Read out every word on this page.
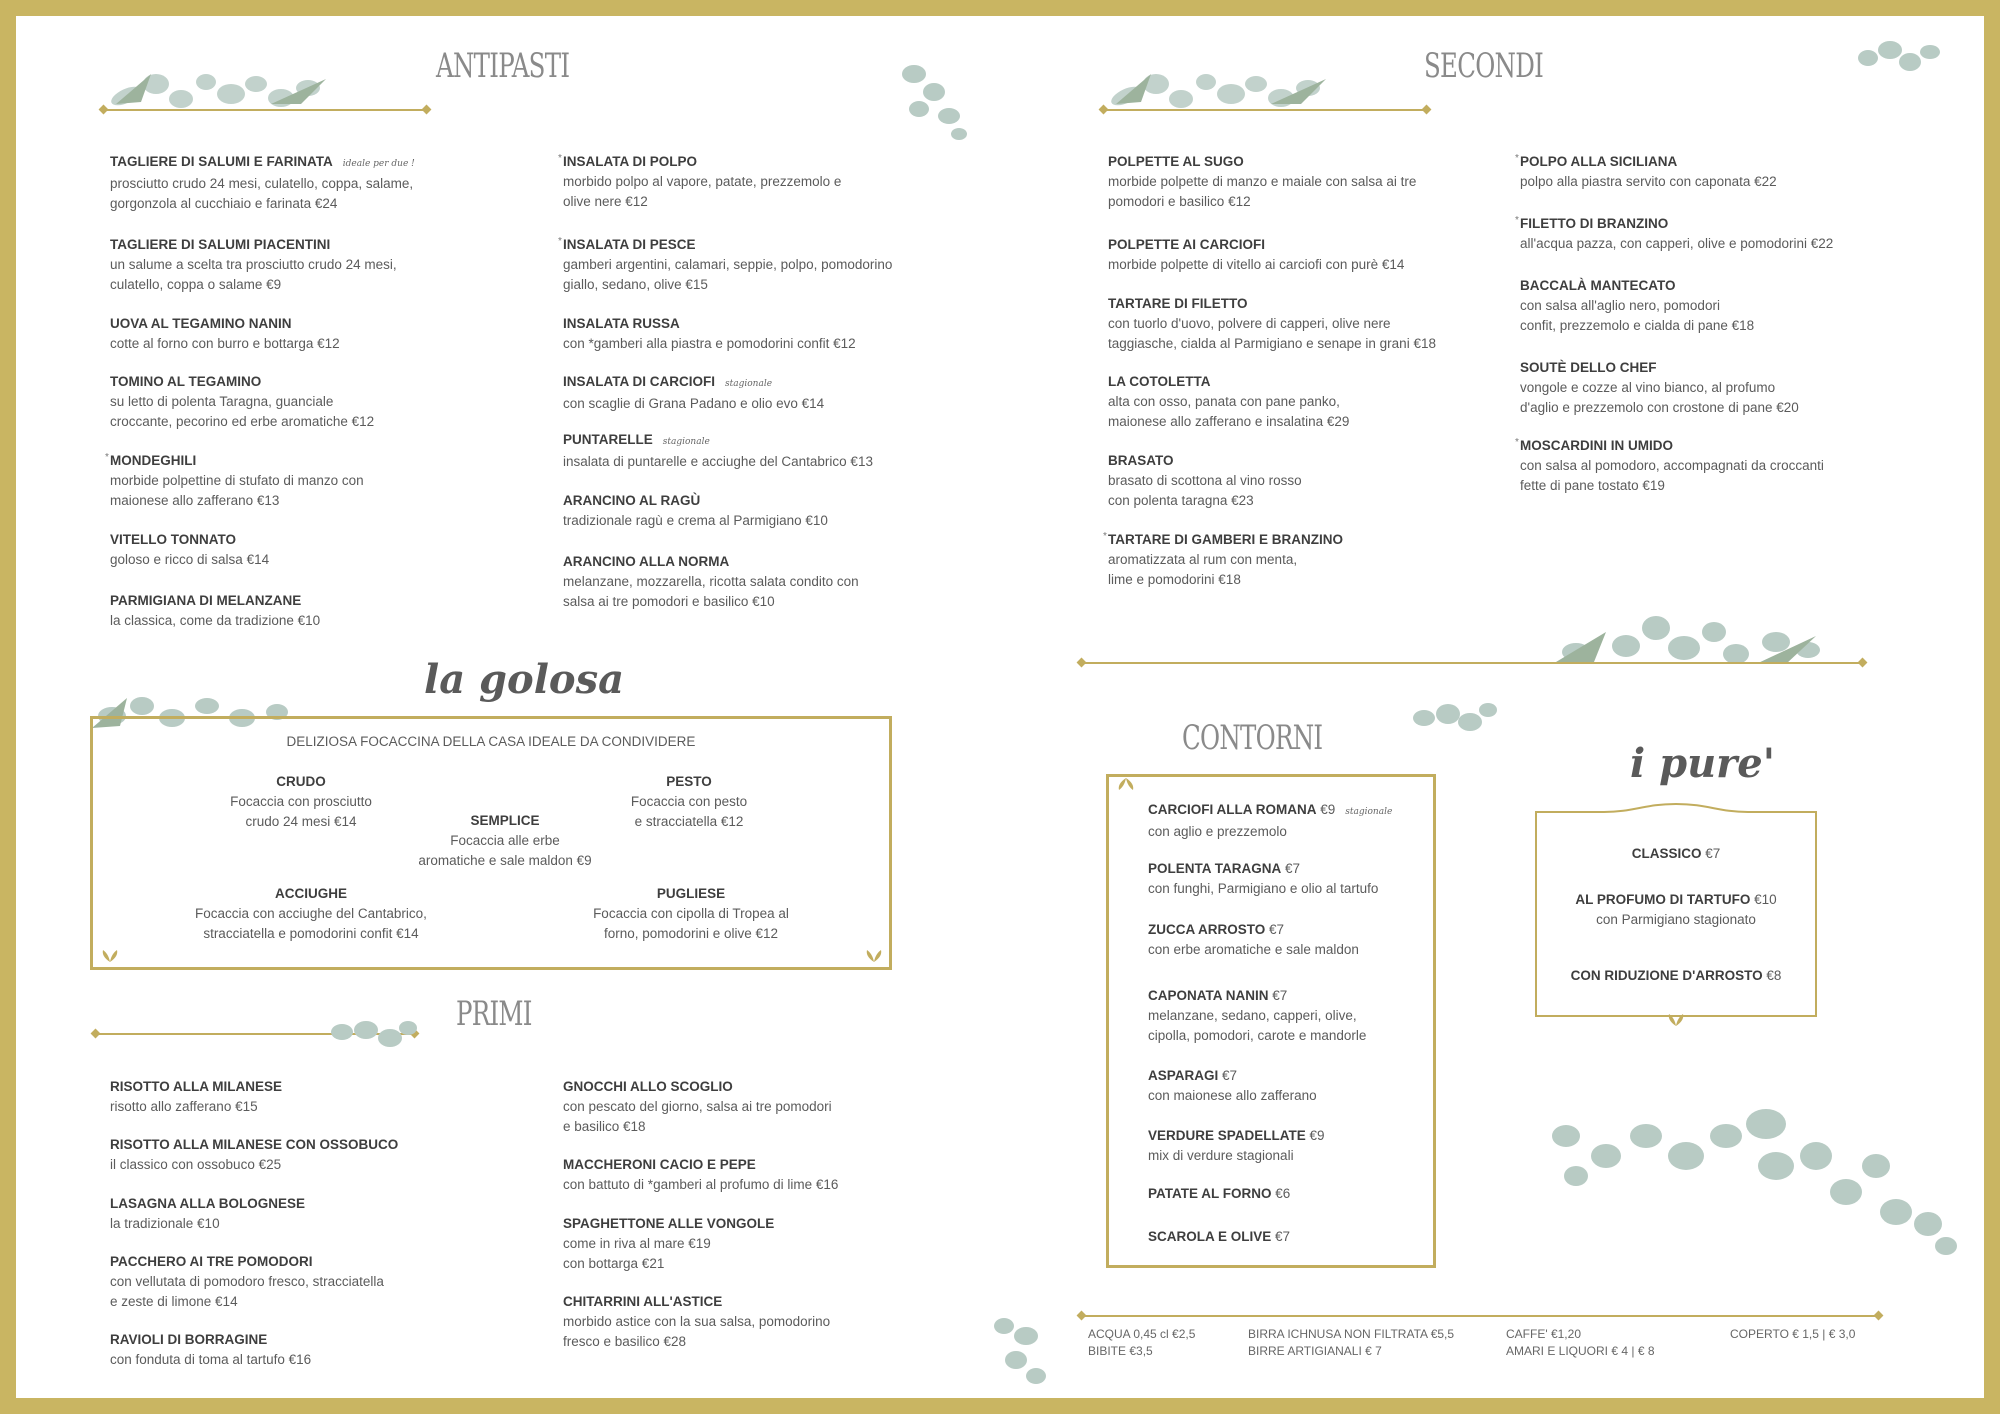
ANTIPASTI
TAGLIERE DI SALUMI E FARINATA ideale per due !
prosciutto crudo 24 mesi, culatello, coppa, salame,
gorgonzola al cucchiaio e farinata €24
TAGLIERE DI SALUMI PIACENTINI
un salume a scelta tra prosciutto crudo 24 mesi,
culatello, coppa o salame €9
UOVA AL TEGAMINO NANIN
cotte al forno con burro e bottarga €12
TOMINO AL TEGAMINO
su letto di polenta Taragna, guanciale
croccante, pecorino ed erbe aromatiche €12
* MONDEGHILI
morbide polpettine di stufato di manzo con
maionese allo zafferano €13
VITELLO TONNATO
goloso e ricco di salsa €14
PARMIGIANA DI MELANZANE
la classica, come da tradizione €10
* INSALATA DI POLPO
morbido polpo al vapore, patate, prezzemolo e
olive nere €12
* INSALATA DI PESCE
gamberi argentini, calamari, seppie, polpo, pomodorino
giallo, sedano, olive €15
INSALATA RUSSA
con *gamberi alla piastra e pomodorini confit €12
INSALATA DI CARCIOFI stagionale
con scaglie di Grana Padano e olio evo €14
PUNTARELLE stagionale
insalata di puntarelle e acciughe del Cantabrico €13
ARANCINO AL RAGÙ
tradizionale ragù e crema al Parmigiano €10
ARANCINO ALLA NORMA
melanzane, mozzarella, ricotta salata condito con
salsa ai tre pomodori e basilico €10
la golosa
DELIZIOSA FOCACCINA DELLA CASA IDEALE DA CONDIVIDERE
CRUDO
Focaccia con prosciutto
crudo 24 mesi €14
PESTO
Focaccia con pesto
e stracciatella €12
SEMPLICE
Focaccia alle erbe
aromatiche e sale maldon €9
ACCIUGHE
Focaccia con acciughe del Cantabrico,
stracciatella e pomodorini confit €14
PUGLIESE
Focaccia con cipolla di Tropea al
forno, pomodorini e olive €12
PRIMI
RISOTTO ALLA MILANESE
risotto allo zafferano €15
RISOTTO ALLA MILANESE CON OSSOBUCO
il classico con ossobuco €25
LASAGNA ALLA BOLOGNESE
la tradizionale €10
PACCHERO AI TRE POMODORI
con vellutata di pomodoro fresco, stracciatella
e zeste di limone €14
RAVIOLI DI BORRAGINE
con fonduta di toma al tartufo €16
GNOCCHI ALLO SCOGLIO
con pescato del giorno, salsa ai tre pomodori
e basilico €18
MACCHERONI CACIO E PEPE
con battuto di *gamberi al profumo di lime €16
SPAGHETTONE ALLE VONGOLE
come in riva al mare €19
con bottarga €21
CHITARRINI ALL'ASTICE
morbido astice con la sua salsa, pomodorino
fresco e basilico €28
SECONDI
POLPETTE AL SUGO
morbide polpette di manzo e maiale con salsa ai tre
pomodori e basilico €12
POLPETTE AI CARCIOFI
morbide polpette di vitello ai carciofi con purè €14
TARTARE DI FILETTO
con tuorlo d'uovo, polvere di capperi, olive nere
taggiasche, cialda al Parmigiano e senape in grani €18
LA COTOLETTA
alta con osso, panata con pane panko,
maionese allo zafferano e insalatina €29
BRASATO
brasato di scottona al vino rosso
con polenta taragna €23
* TARTARE DI GAMBERI E BRANZINO
aromatizzata al rum con menta,
lime e pomodorini €18
* POLPO ALLA SICILIANA
polpo alla piastra servito con caponata €22
* FILETTO DI BRANZINO
all'acqua pazza, con capperi, olive e pomodorini €22
BACCALÀ MANTECATO
con salsa all'aglio nero, pomodori
confit, prezzemolo e cialda di pane €18
SOUTÈ DELLO CHEF
vongole e cozze al vino bianco, al profumo
d'aglio e prezzemolo con crostone di pane €20
* MOSCARDINI IN UMIDO
con salsa al pomodoro, accompagnati da croccanti
fette di pane tostato €19
CONTORNI
CARCIOFI ALLA ROMANA €9 stagionale
con aglio e prezzemolo
POLENTA TARAGNA €7
con funghi, Parmigiano e olio al tartufo
ZUCCA ARROSTO €7
con erbe aromatiche e sale maldon
CAPONATA NANIN €7
melanzane, sedano, capperi, olive,
cipolla, pomodori, carote e mandorle
ASPARAGI €7
con maionese allo zafferano
VERDURE SPADELLATE €9
mix di verdure stagionali
PATATE AL FORNO €6
SCAROLA E OLIVE €7
i pure'
CLASSICO €7
AL PROFUMO DI TARTUFO €10
con Parmigiano stagionato
CON RIDUZIONE D'ARROSTO €8
ACQUA 0,45 cl €2,5
BIBITE €3,5
BIRRA ICHNUSA NON FILTRATA €5,5
BIRRE ARTIGIANALI € 7
CAFFE' €1,20
AMARI E LIQUORI € 4 | € 8
COPERTO € 1,5 | € 3,0
